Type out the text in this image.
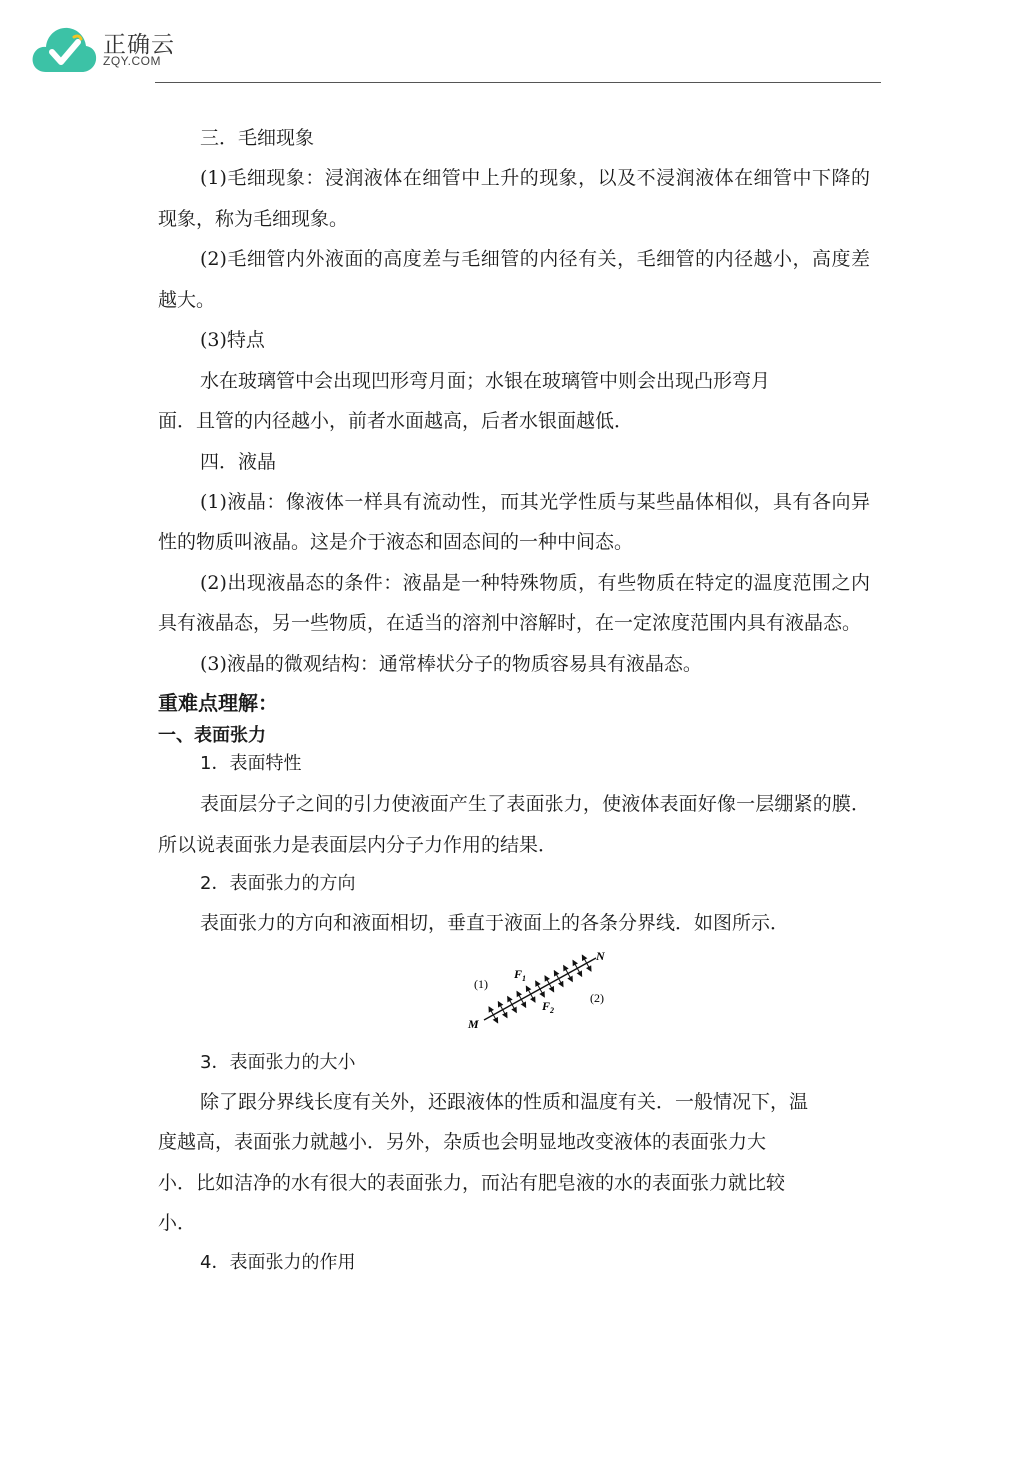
正确云
ZQY.COM

三．毛细现象

(1)毛细现象：浸润液体在细管中上升的现象，以及不浸润液体在细管中下降的现象，称为毛细现象。

(2)毛细管内外液面的高度差与毛细管的内径有关，毛细管的内径越小，高度差越大。

(3)特点

水在玻璃管中会出现凹形弯月面；水银在玻璃管中则会出现凸形弯月

面．且管的内径越小，前者水面越高，后者水银面越低．

四．液晶

(1)液晶：像液体一样具有流动性，而其光学性质与某些晶体相似，具有各向异性的物质叫液晶。这是介于液态和固态间的一种中间态。

(2)出现液晶态的条件：液晶是一种特殊物质，有些物质在特定的温度范围之内具有液晶态，另一些物质，在适当的溶剂中溶解时，在一定浓度范围内具有液晶态。

(3)液晶的微观结构：通常棒状分子的物质容易具有液晶态。

重难点理解：

一、表面张力

1．表面特性

表面层分子之间的引力使液面产生了表面张力，使液体表面好像一层绷紧的膜．所以说表面张力是表面层内分子力作用的结果．

2．表面张力的方向

表面张力的方向和液面相切，垂直于液面上的各条分界线．如图所示．

(1)
(2)
M
N
$F_1$
$F_2$

3．表面张力的大小

除了跟分界线长度有关外，还跟液体的性质和温度有关．一般情况下，温

度越高，表面张力就越小．另外，杂质也会明显地改变液体的表面张力大

小．比如洁净的水有很大的表面张力，而沾有肥皂液的水的表面张力就比较

小．

4．表面张力的作用
